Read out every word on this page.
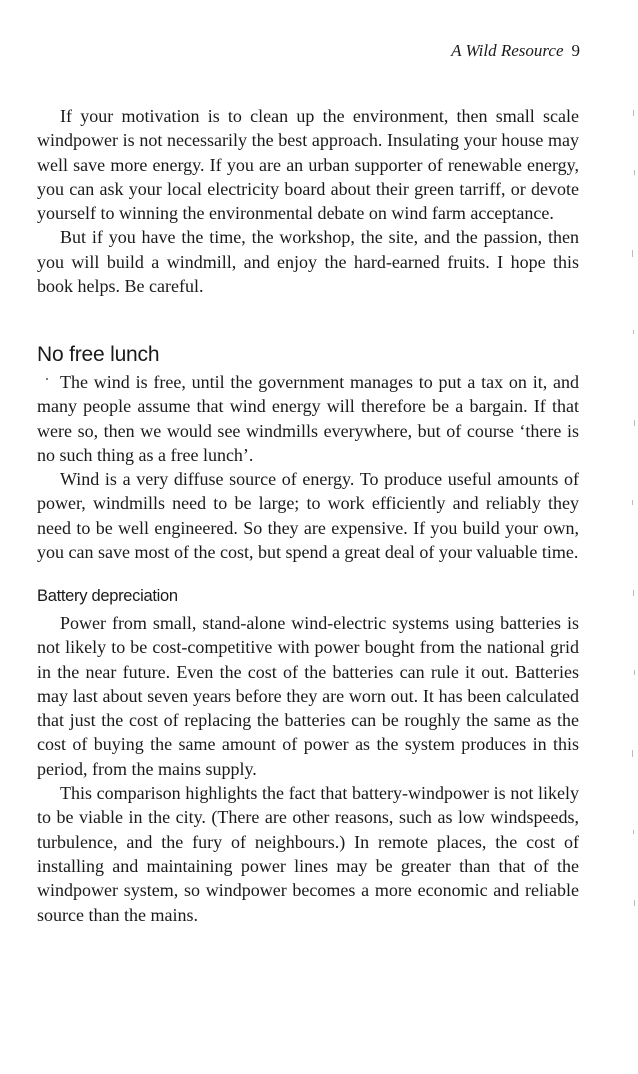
A Wild Resource 9

If your motivation is to clean up the environment, then small scale windpower is not necessarily the best approach. Insulating your house may well save more energy. If you are an urban supporter of renewable energy, you can ask your local electricity board about their green tarriff, or devote yourself to winning the environmental debate on wind farm acceptance.

But if you have the time, the workshop, the site, and the passion, then you will build a windmill, and enjoy the hard-earned fruits. I hope this book helps. Be careful.

No free lunch

The wind is free, until the government manages to put a tax on it, and many people assume that wind energy will therefore be a bargain. If that were so, then we would see windmills everywhere, but of course ‘there is no such thing as a free lunch’.

Wind is a very diffuse source of energy. To produce useful amounts of power, windmills need to be large; to work efficiently and reliably they need to be well engineered. So they are expensive. If you build your own, you can save most of the cost, but spend a great deal of your valuable time.

Battery depreciation

Power from small, stand-alone wind-electric systems using batteries is not likely to be cost-competitive with power bought from the national grid in the near future. Even the cost of the batteries can rule it out. Batteries may last about seven years before they are worn out. It has been calculated that just the cost of replacing the batteries can be roughly the same as the cost of buying the same amount of power as the system produces in this period, from the mains supply.

This comparison highlights the fact that battery-windpower is not likely to be viable in the city. (There are other reasons, such as low windspeeds, turbulence, and the fury of neighbours.) In remote places, the cost of installing and maintaining power lines may be greater than that of the windpower system, so windpower becomes a more economic and reliable source than the mains.
